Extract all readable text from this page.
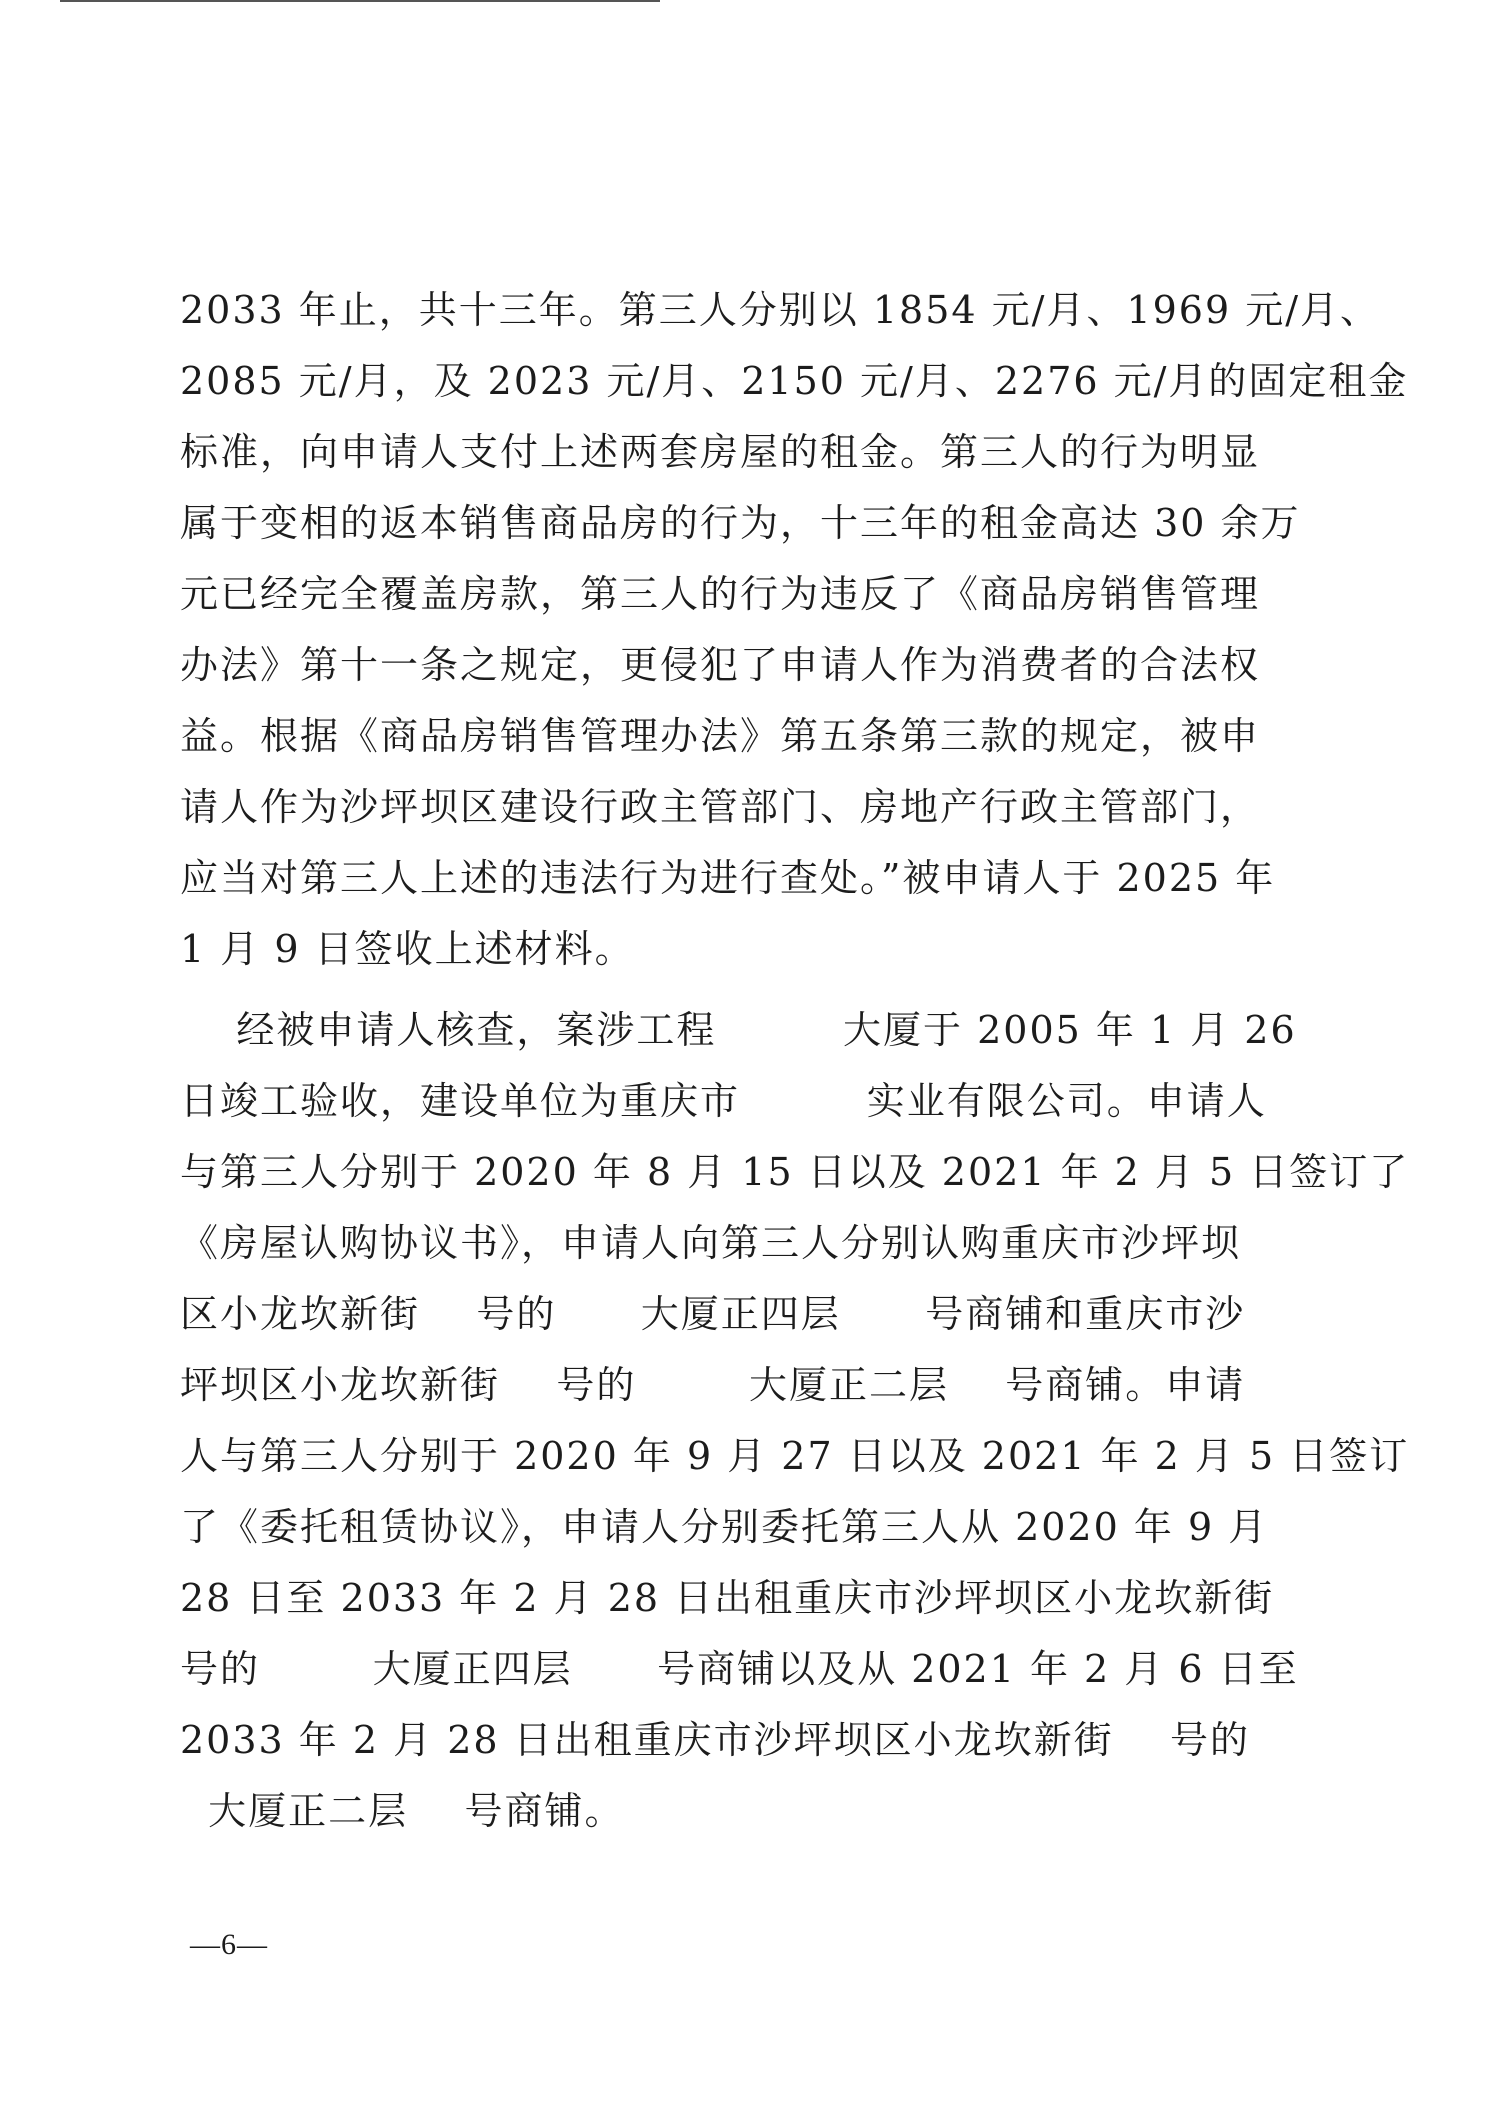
2033 年止，共十三年。第三人分别以 1854 元/月、1969 元/月、
2085 元/月，及 2023 元/月、2150 元/月、2276 元/月的固定租金
标准，向申请人支付上述两套房屋的租金。第三人的行为明显
属于变相的返本销售商品房的行为，十三年的租金高达 30 余万
元已经完全覆盖房款，第三人的行为违反了《商品房销售管理
办法》第十一条之规定，更侵犯了申请人作为消费者的合法权
益。根据《商品房销售管理办法》第五条第三款的规定，被申
请人作为沙坪坝区建设行政主管部门、房地产行政主管部门，
应当对第三人上述的违法行为进行查处。”被申请人于 2025 年
1 月 9 日签收上述材料。
经被申请人核查，案涉工程         大厦于 2005 年 1 月 26
日竣工验收，建设单位为重庆市         实业有限公司。申请人
与第三人分别于 2020 年 8 月 15 日以及 2021 年 2 月 5 日签订了
《房屋认购协议书》，申请人向第三人分别认购重庆市沙坪坝
区小龙坎新街    号的      大厦正四层      号商铺和重庆市沙
坪坝区小龙坎新街    号的        大厦正二层    号商铺。申请
人与第三人分别于 2020 年 9 月 27 日以及 2021 年 2 月 5 日签订
了《委托租赁协议》，申请人分别委托第三人从 2020 年 9 月
28 日至 2033 年 2 月 28 日出租重庆市沙坪坝区小龙坎新街
号的        大厦正四层      号商铺以及从 2021 年 2 月 6 日至
2033 年 2 月 28 日出租重庆市沙坪坝区小龙坎新街    号的
大厦正二层    号商铺。
—6—
